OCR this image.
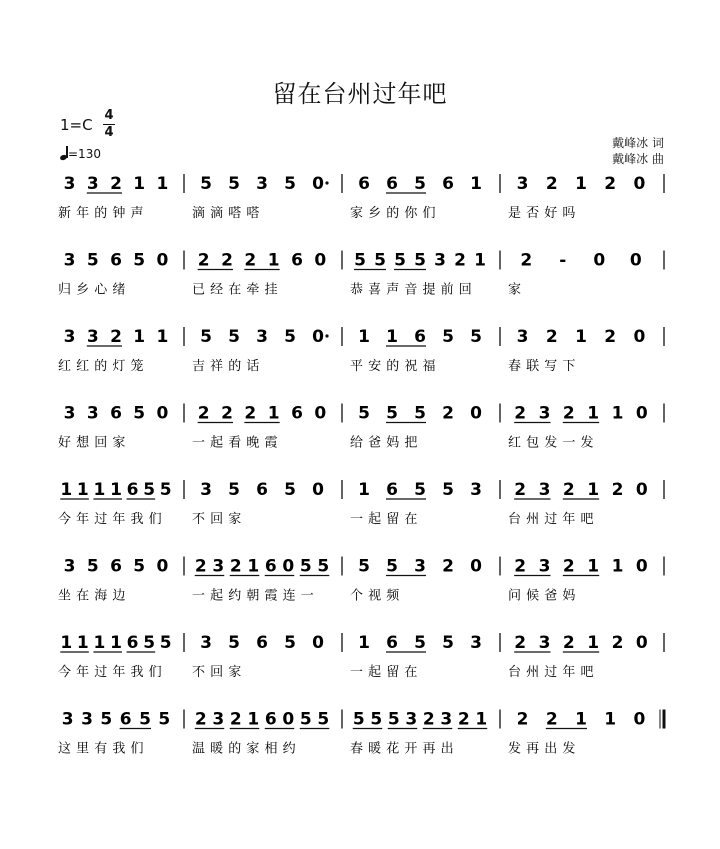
留在台州过年吧
1=C
4
4
=130
戴峰冰 词
戴峰冰 曲
3 3 2 1 1
新 年 的 钟 声
5 5 3 5 0
滴 滴 嗒 嗒
6 6 5 6 1
家 乡 的 你 们
3 2 1 2 0
是 否 好 吗
3 5 6 5 0
归 乡 心 绪
2 2 2 1 6 0
已 经 在 牵 挂
5 5 5 5 3 2 1
恭 喜 声 音 提 前 回
2 - 0 0
家
3 3 2 1 1
红 红 的 灯 笼
5 5 3 5 0
吉 祥 的 话
1 1 6 5 5
平 安 的 祝 福
3 2 1 2 0
春 联 写 下
3 3 6 5 0
好 想 回 家
2 2 2 1 6 0
一 起 看 晚 霞
5 5 5 2 0
给 爸 妈 把
2 3 2 1 1 0
红 包 发 一 发
1 1 1 1 6 5 5
今 年 过 年 我 们
3 5 6 5 0
不 回 家
1 6 5 5 3
一 起 留 在
2 3 2 1 2 0
台 州 过 年 吧
3 5 6 5 0
坐 在 海 边
2 3 2 1 6 0 5 5
一 起 约 朝 霞 连 一
5 5 3 2 0
个 视 频
2 3 2 1 1 0
问 候 爸 妈
1 1 1 1 6 5 5
今 年 过 年 我 们
3 5 6 5 0
不 回 家
1 6 5 5 3
一 起 留 在
2 3 2 1 2 0
台 州 过 年 吧
3 3 5 6 5 5
这 里 有 我 们
2 3 2 1 6 0 5 5
温 暖 的 家 相 约
5 5 5 3 2 3 2 1
春 暖 花 开 再 出
2 2 1 1 0
发 再 出 发
